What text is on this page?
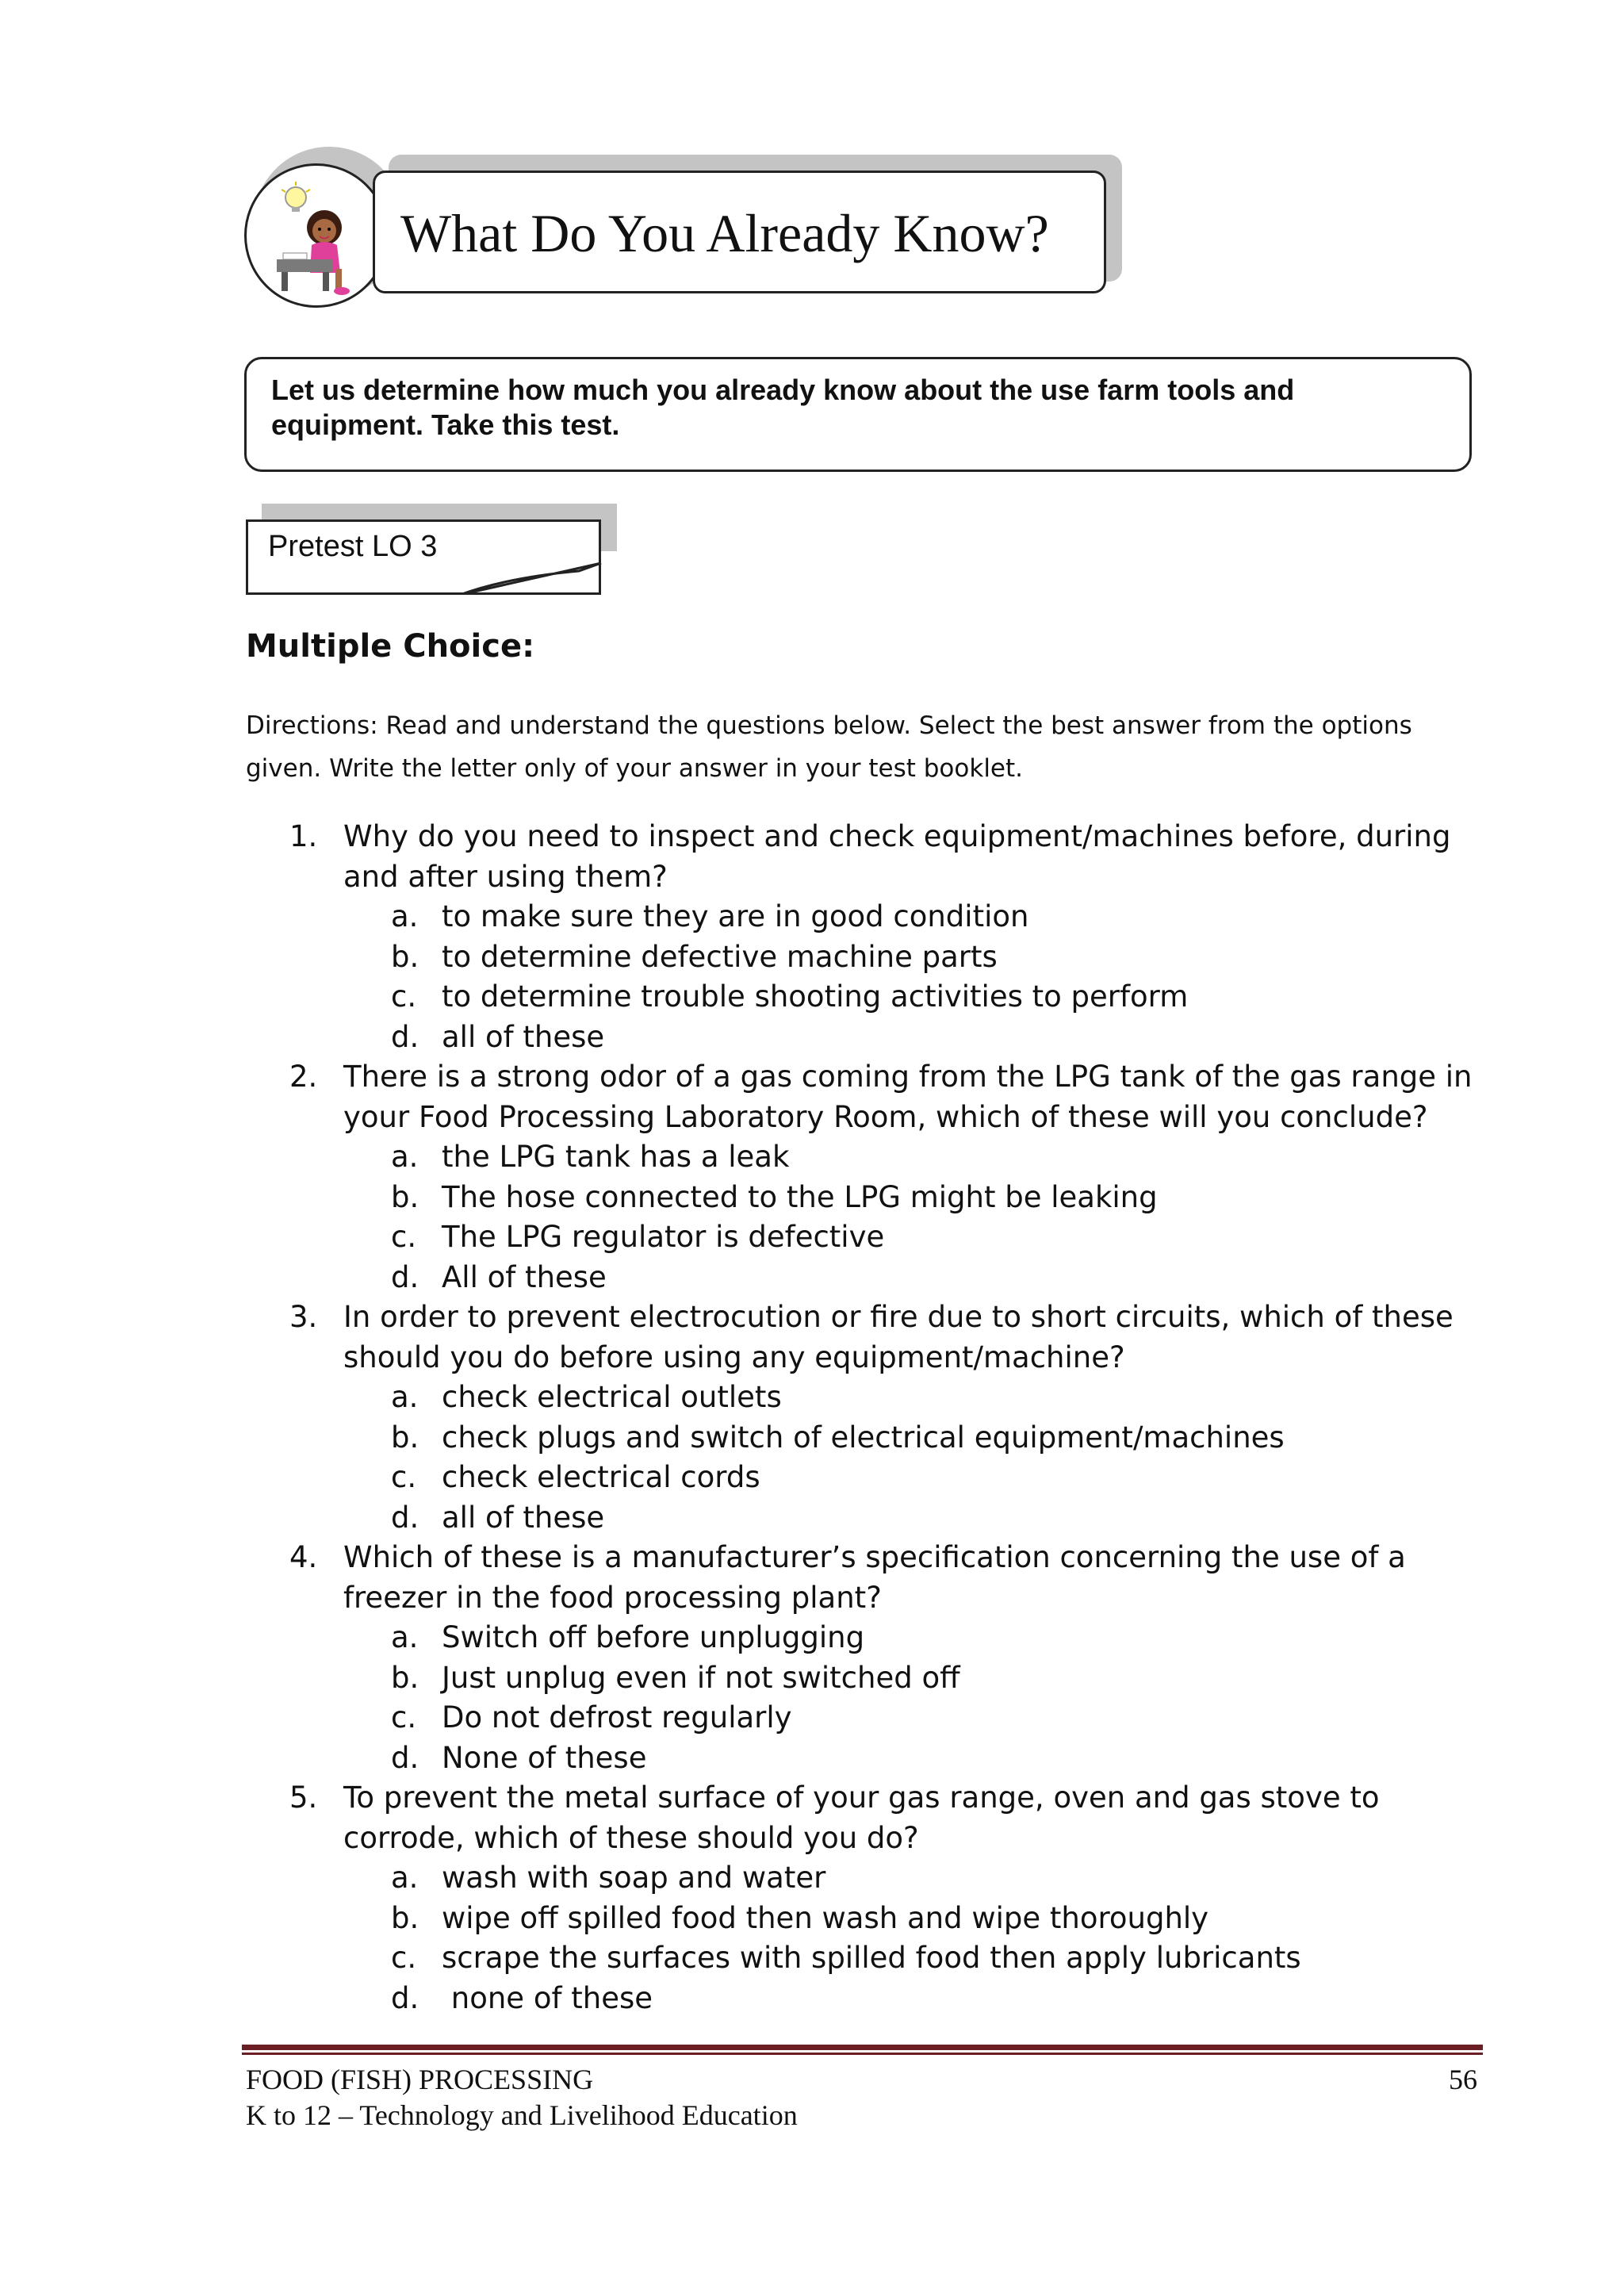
What Do You Already Know?
Let us determine how much you already know about the use farm tools and equipment. Take this test.
Pretest LO 3
Multiple Choice:
Directions: Read and understand the questions below. Select the best answer from the options
given. Write the letter only of your answer in your test booklet.
1. Why do you need to inspect and check equipment/machines before, during and after using them?
a. to make sure they are in good condition
b. to determine defective machine parts
c. to determine trouble shooting activities to perform
d. all of these
2. There is a strong odor of a gas coming from the LPG tank of the gas range in your Food Processing Laboratory Room, which of these will you conclude?
a. the LPG tank has a leak
b. The hose connected to the LPG might be leaking
c. The LPG regulator is defective
d. All of these
3. In order to prevent electrocution or fire due to short circuits, which of these should you do before using any equipment/machine?
a. check electrical outlets
b. check plugs and switch of electrical equipment/machines
c. check electrical cords
d. all of these
4. Which of these is a manufacturer’s specification concerning the use of a freezer in the food processing plant?
a. Switch off before unplugging
b. Just unplug even if not switched off
c. Do not defrost regularly
d. None of these
5. To prevent the metal surface of your gas range, oven and gas stove to corrode, which of these should you do?
a. wash with soap and water
b. wipe off spilled food then wash and wipe thoroughly
c. scrape the surfaces with spilled food then apply lubricants
d. none of these
FOOD (FISH) PROCESSING
K to 12 – Technology and Livelihood Education
56
